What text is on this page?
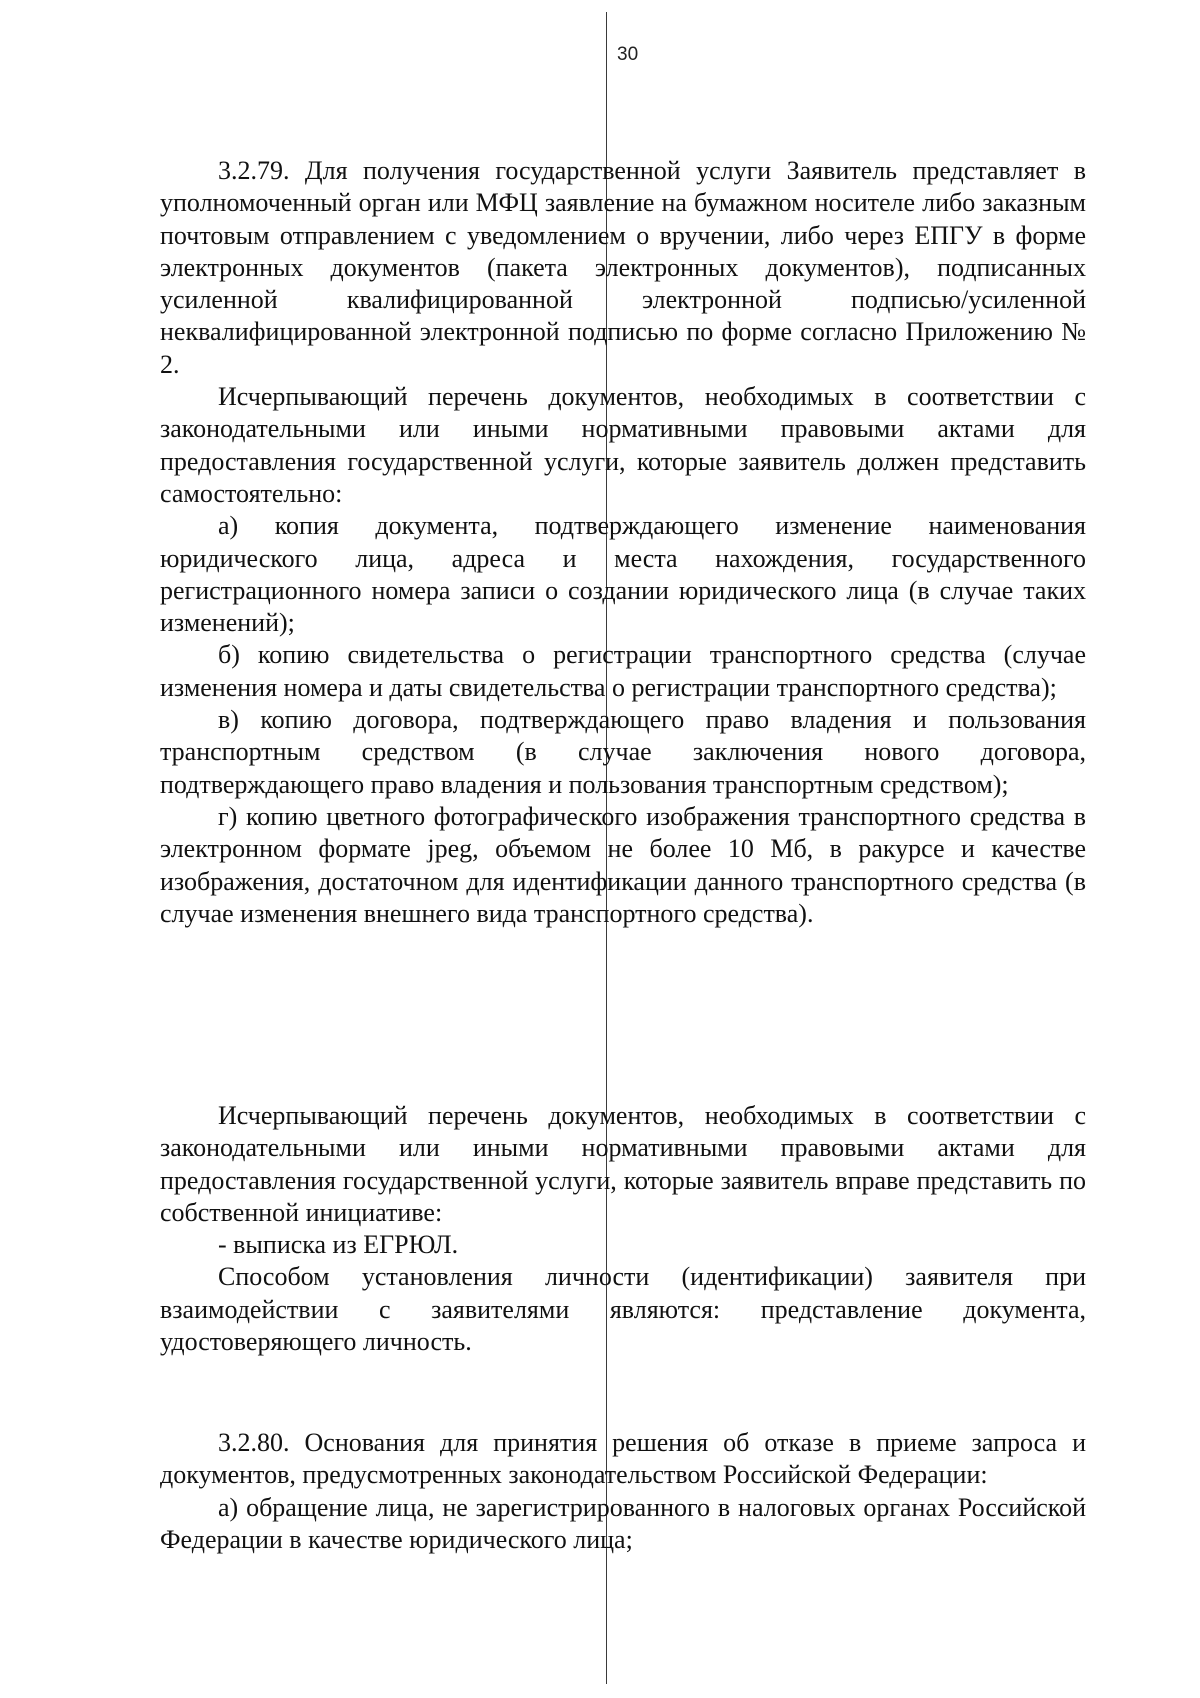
30

3.2.79. Для получения государственной услуги Заявитель представляет в уполномоченный орган или МФЦ заявление на бумажном носителе либо заказным почтовым отправлением с уведомлением о вручении, либо через ЕПГУ в форме электронных документов (пакета электронных документов), подписанных усиленной квалифицированной электронной подписью/усиленной неквалифицированной электронной подписью по форме согласно Приложению № 2.

Исчерпывающий перечень документов, необходимых в соответствии с законодательными или иными нормативными правовыми актами для предоставления государственной услуги, которые заявитель должен представить самостоятельно:

а) копия документа, подтверждающего изменение наименования юридического лица, адреса и места нахождения, государственного регистрационного номера записи о создании юридического лица (в случае таких изменений);

б) копию свидетельства о регистрации транспортного средства (случае изменения номера и даты свидетельства о регистрации транспортного средства);

в) копию договора, подтверждающего право владения и пользования транспортным средством (в случае заключения нового договора, подтверждающего право владения и пользования транспортным средством);

г) копию цветного фотографического изображения транспортного средства в электронном формате jpeg, объемом не более 10 Мб, в ракурсе и качестве изображения, достаточном для идентификации данного транспортного средства (в случае изменения внешнего вида транспортного средства).

Исчерпывающий перечень документов, необходимых в соответствии с законодательными или иными нормативными правовыми актами для предоставления государственной услуги, которые заявитель вправе представить по собственной инициативе:

- выписка из ЕГРЮЛ.

Способом установления личности (идентификации) заявителя при взаимодействии с заявителями являются: представление документа, удостоверяющего личность.

3.2.80. Основания для принятия решения об отказе в приеме запроса и документов, предусмотренных законодательством Российской Федерации:

а) обращение лица, не зарегистрированного в налоговых органах Российской Федерации в качестве юридического лица;
